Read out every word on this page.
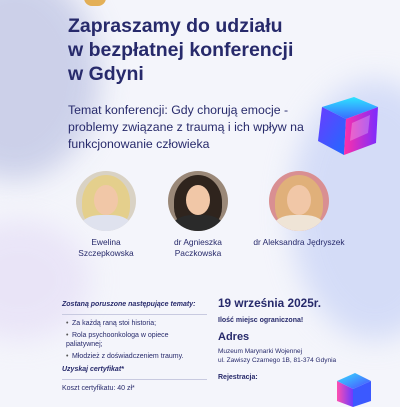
Zapraszamy do udziału
w bezpłatnej konferencji
w Gdyni
Temat konferencji: Gdy chorują emocje -
problemy związane z traumą i ich wpływ na
funkcjonowanie człowieka
Ewelina
Szczepkowska
dr Agnieszka
Paczkowska
dr Aleksandra Jędryszek
Zostaną poruszone następujące tematy:
• Za każdą raną stoi historia;
• Rola psychoonkologa w opiece paliatywnej;
• Młodzież z doświadczeniem traumy.
Uzyskaj certyfikat*
Koszt certyfikatu: 40 zł*
19 września 2025r.
Ilość miejsc ograniczona!
Adres
Muzeum Marynarki Wojennej
ul. Zawiszy Czarnego 1B, 81-374 Gdynia
Rejestracja:
